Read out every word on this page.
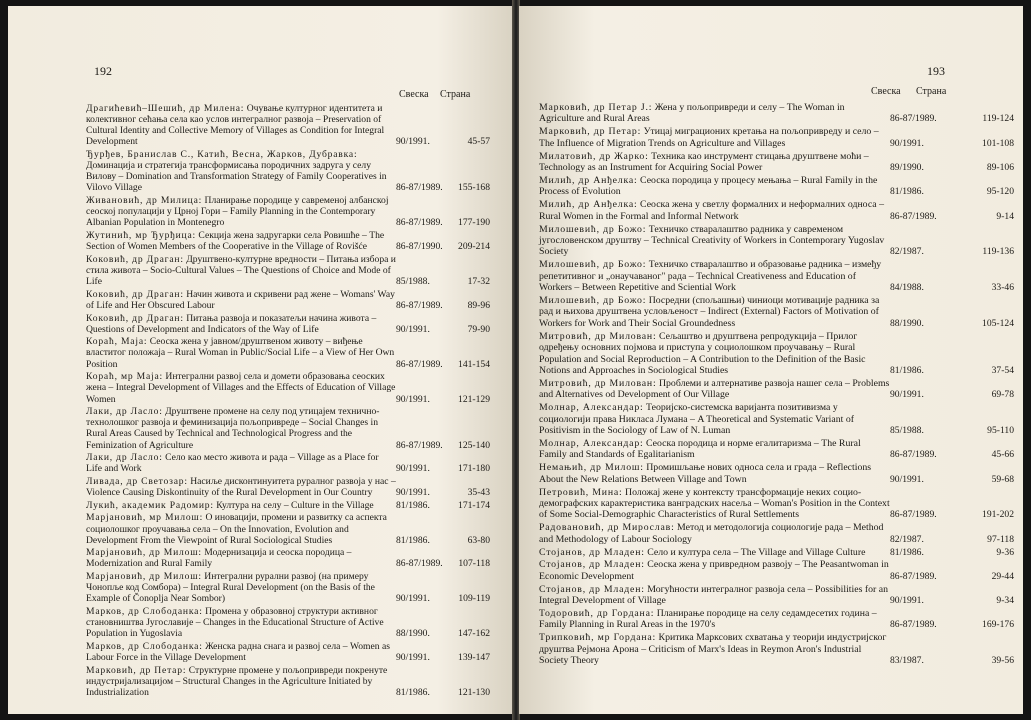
192
Свеска Страна
Драгићевић–Шешић, др Милена: Очување културног идентитета и колективног сећања села као услов интегралног развоја – Preservation of Cultural Identity and Collective Memory of Villages as Condition for Integral Development	90/1991.	45-57
Ђурђев, Бранислав С., Катић, Весна, Жарков, Дубравка: Доминација и стратегија трансформисања породичних задруга у селу Вилову – Domination and Transformation Strategy of Family Cooperatives in Vilovo Village	86-87/1989. 155-168
Живановић, др Милица: Планирање породице у савременој албанској сеоској популацији у Црној Гори – Family Planning in the Contemporary Albanian Population in Montenegro	86-87/1989. 177-190
Жутинић, мр Ђурђица: Секција жена задругарки села Ровишће – The Section of Women Members of the Cooperative in the Village of Rovišće	86-87/1990. 209-214
Коковић, др Драган: Друштвено-културне вредности – Питања избора и стила живота – Socio-Cultural Values – The Questions of Choice and Mode of Life	85/1988.	17-32
Коковић, др Драган: Начин живота и скривени рад жене – Womans' Way of Life and Her Obscured Labour	86-87/1989.	89-96
Коковић, др Драган: Питања развоја и показатељи начина живота – Questions of Development and Indicators of the Way of Life	90/1991.	79-90
Кораћ, Маја: Сеоска жена у јавном/друштвеном животу – виђење властитог положаја – Rural Woman in Public/Social Life – a View of Her Own Position	86-87/1989. 141-154
Кораћ, мр Маја: Интегрални развој села и домети образовања сеоских жена – Integral Development of Villages and the Effects of Education of Village Women	90/1991.	121-129
Лаки, др Ласло: Друштвене промене на селу под утицајем технично-технолошког развоја и феминизација пољопривреде – Social Changes in Rural Areas Caused by Technical and Technological Progress and the Feminization of Agriculture	86-87/1989. 125-140
Лаки, др Ласло: Село као место живота и рада – Village as a Place for Life and Work	90/1991.	171-180
Ливада, др Светозар: Насиље дисконтинуитета руралног развоја у нас – Violence Causing Diskontinuity of the Rural Development in Our Country 90/1991.	35-43
Лукић, академик Радомир: Култура на селу – Culture in the Village 81/1986.	171-174
Марјановић, мр Милош: О иновацији, промени и развитку са аспекта социолошког проучавања села – On the Innovation, Evolution and Development From the Viewpoint of Rural Sociological Studies	81/1986.	63-80
Марјановић, др Милош: Модернизација и сеоска породица – Modernization and Rural Family	86-87/1989. 107-118
Марјановић, др Милош: Интегрални рурални развој (на примеру Чонопље код Сомбора) – Integral Rural Development (on the Basis of the Example of Čonoplja Near Sombor)	90/1991.	109-119
Марков, др Слободанка: Промена у образовној структури активног становништва Југославије – Changes in the Educational Structure of Active Population in Yugoslavia	88/1990.	147-162
Марков, др Слободанка: Женска радна снага и развој села – Women as Labour Force in the Village Development	90/1991.	139-147
Марковић, др Петар: Структурне промене у пољопривреди покренуте индустријализацијом – Structural Changes in the Agriculture Initiated by Industrialization	81/1986.	121-130
193
Свеска Страна
Марковић, др Петар Ј.: Жена у пољопривреди и селу – The Woman in Agriculture and Rural Areas	86-87/1989.	119-124
Марковић, др Петар: Утицај миграционих кретања на пољопривреду и село – The Influence of Migration Trends on Agriculture and Villages	90/1991.	101-108
Милатовић, др Жарко: Техника као инструмент стицања друштвене моћи – Technology as an Instrument for Acquiring Social Power	89/1990.	89-106
Милић, др Анђелка: Сеоска породица у процесу мењања – Rural Family in the Process of Evolution	81/1986.	95-120
Милић, др Анђелка: Сеоска жена у светлу формалних и неформалних односа – Rural Women in the Formal and Informal Network	86-87/1989.	9-14
Милошевић, др Божо: Техничко стваралаштво радника у савременом југословенском друштву – Technical Creativity of Workers in Contemporary Yugoslav Society	82/1987.	119-136
Милошевић, др Божо: Техничко стваралаштво и образовање радника – између репетитивног и „онаучаваног" рада – Technical Creativeness and Education of Workers – Between Repetitive and Sciential Work	84/1988.	33-46
Милошевић, др Божо: Посредни (спољашњи) чиниоци мотивације радника за рад и њихова друштвена условљеност – Indirect (External) Factors of Motivation of Workers for Work and Their Social Groundedness	88/1990.	105-124
Митровић, др Милован: Сељаштво и друштвена репродукција – Прилог одређењу основних појмова и приступа у социолошком проучавању – Rural Population and Social Reproduction – A Contribution to the Definition of the Basic Notions and Approaches in Sociological Studies	81/1986.	37-54
Митровић, др Милован: Проблеми и алтернативе развоја нашег села – Problems and Alternatives od Development of Our Village	90/1991.	69-78
Молнар, Александар: Теоријско-системска варијанта позитивизма у социологији права Никласа Лумана – A Theoretical and Systematic Variant of Positivism in the Sociology of Law of N. Luman	85/1988.	95-110
Молнар, Александар: Сеоска породица и норме егалитаризма – The Rural Family and Standards of Egalitarianism	86-87/1989.	45-66
Немањић, др Милош: Промишљање нових односа села и града – Reflections About the New Relations Between Village and Town	90/1991.	59-68
Петровић, Мина: Положај жене у контексту трансформације неких социо-демографских карактеристика ванградских насеља – Woman's Position in the Context of Some Social-Demographic Characteristics of Rural Settlements	86-87/1989.	191-202
Радовановић, др Мирослав: Метод и методологија социологије рада – Method and Methodology of Labour Sociology	82/1987.	97-118
Стојанов, др Младен: Село и култура села – The Village and Village Culture	81/1986.	9-36
Стојанов, др Младен: Сеоска жена у привредном развоју – The Peasantwoman in Economic Development	86-87/1989.	29-44
Стојанов, др Младен: Могућности интегралног развоја села – Possibilities for an Integral Development of Village	90/1991.	9-34
Тодоровић, др Гордана: Планирање породице на селу седамдесетих година – Family Planning in Rural Areas in the 1970's	86-87/1989.	169-176
Трипковић, мр Гордана: Критика Марксових схватања у теорији индустријског друштва Рејмона Арона – Criticism of Marx's Ideas in Reymon Aron's Industrial Society Theory	83/1987.	39-56
